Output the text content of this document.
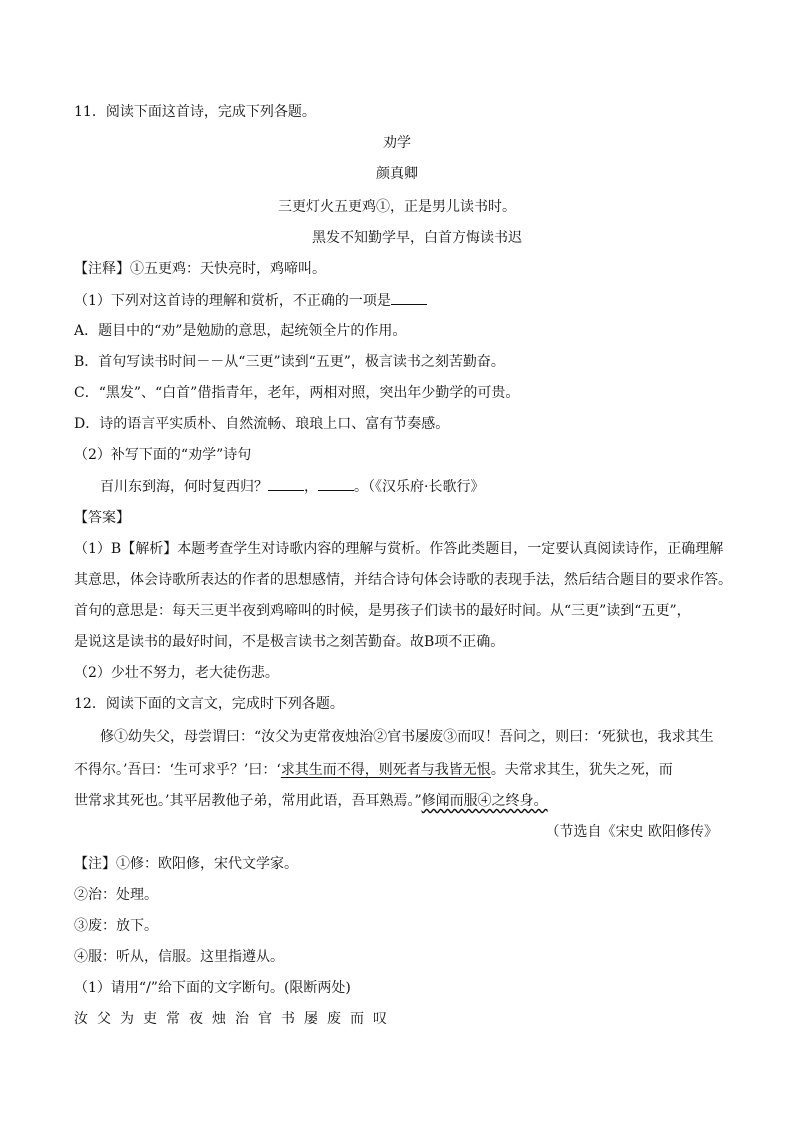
11．阅读下面这首诗，完成下列各题。
劝学
颜真卿
三更灯火五更鸡①，正是男儿读书时。
黑发不知勤学早，白首方悔读书迟
【注释】①五更鸡：天快亮时，鸡啼叫。
（1）下列对这首诗的理解和赏析，不正确的一项是
A．题目中的“劝”是勉励的意思，起统领全片的作用。
B．首句写读书时间－－从“三更”读到“五更”，极言读书之刻苦勤奋。
C．“黑发”、“白首”借指青年，老年，两相对照，突出年少勤学的可贵。
D．诗的语言平实质朴、自然流畅、琅琅上口、富有节奏感。
（2）补写下面的“劝学”诗句
百川东到海，何时复西归？	，	。（《汉乐府·长歌行》
【答案】
（1）B【解析】本题考查学生对诗歌内容的理解与赏析。作答此类题目，一定要认真阅读诗作，正确理解
其意思，体会诗歌所表达的作者的思想感情，并结合诗句体会诗歌的表现手法，然后结合题目的要求作答。
首句的意思是：每天三更半夜到鸡啼叫的时候，是男孩子们读书的最好时间。从“三更”读到“五更”，
是说这是读书的最好时间，不是极言读书之刻苦勤奋。故B项不正确。
（2）少壮不努力，老大徒伤悲。
12．阅读下面的文言文，完成时下列各题。
修①幼失父，母尝谓曰：“汝父为吏常夜烛治②官书屡废③而叹！吾问之，则曰：‘死狱也，我求其生
不得尔。’吾曰：‘生可求乎？’曰：‘求其生而不得，则死者与我皆无恨。夫常求其生，犹失之死，而
世常求其死也。’其平居教他子弟，常用此语，吾耳熟焉。”修闻而服④之终身。
（节选自《宋史 欧阳修传》
【注】①修：欧阳修，宋代文学家。
②治：处理。
③废：放下。
④服：听从，信服。这里指遵从。
（1）请用“/”给下面的文字断句。(限断两处)
汝父为吏常夜烛治官书屡废而叹
